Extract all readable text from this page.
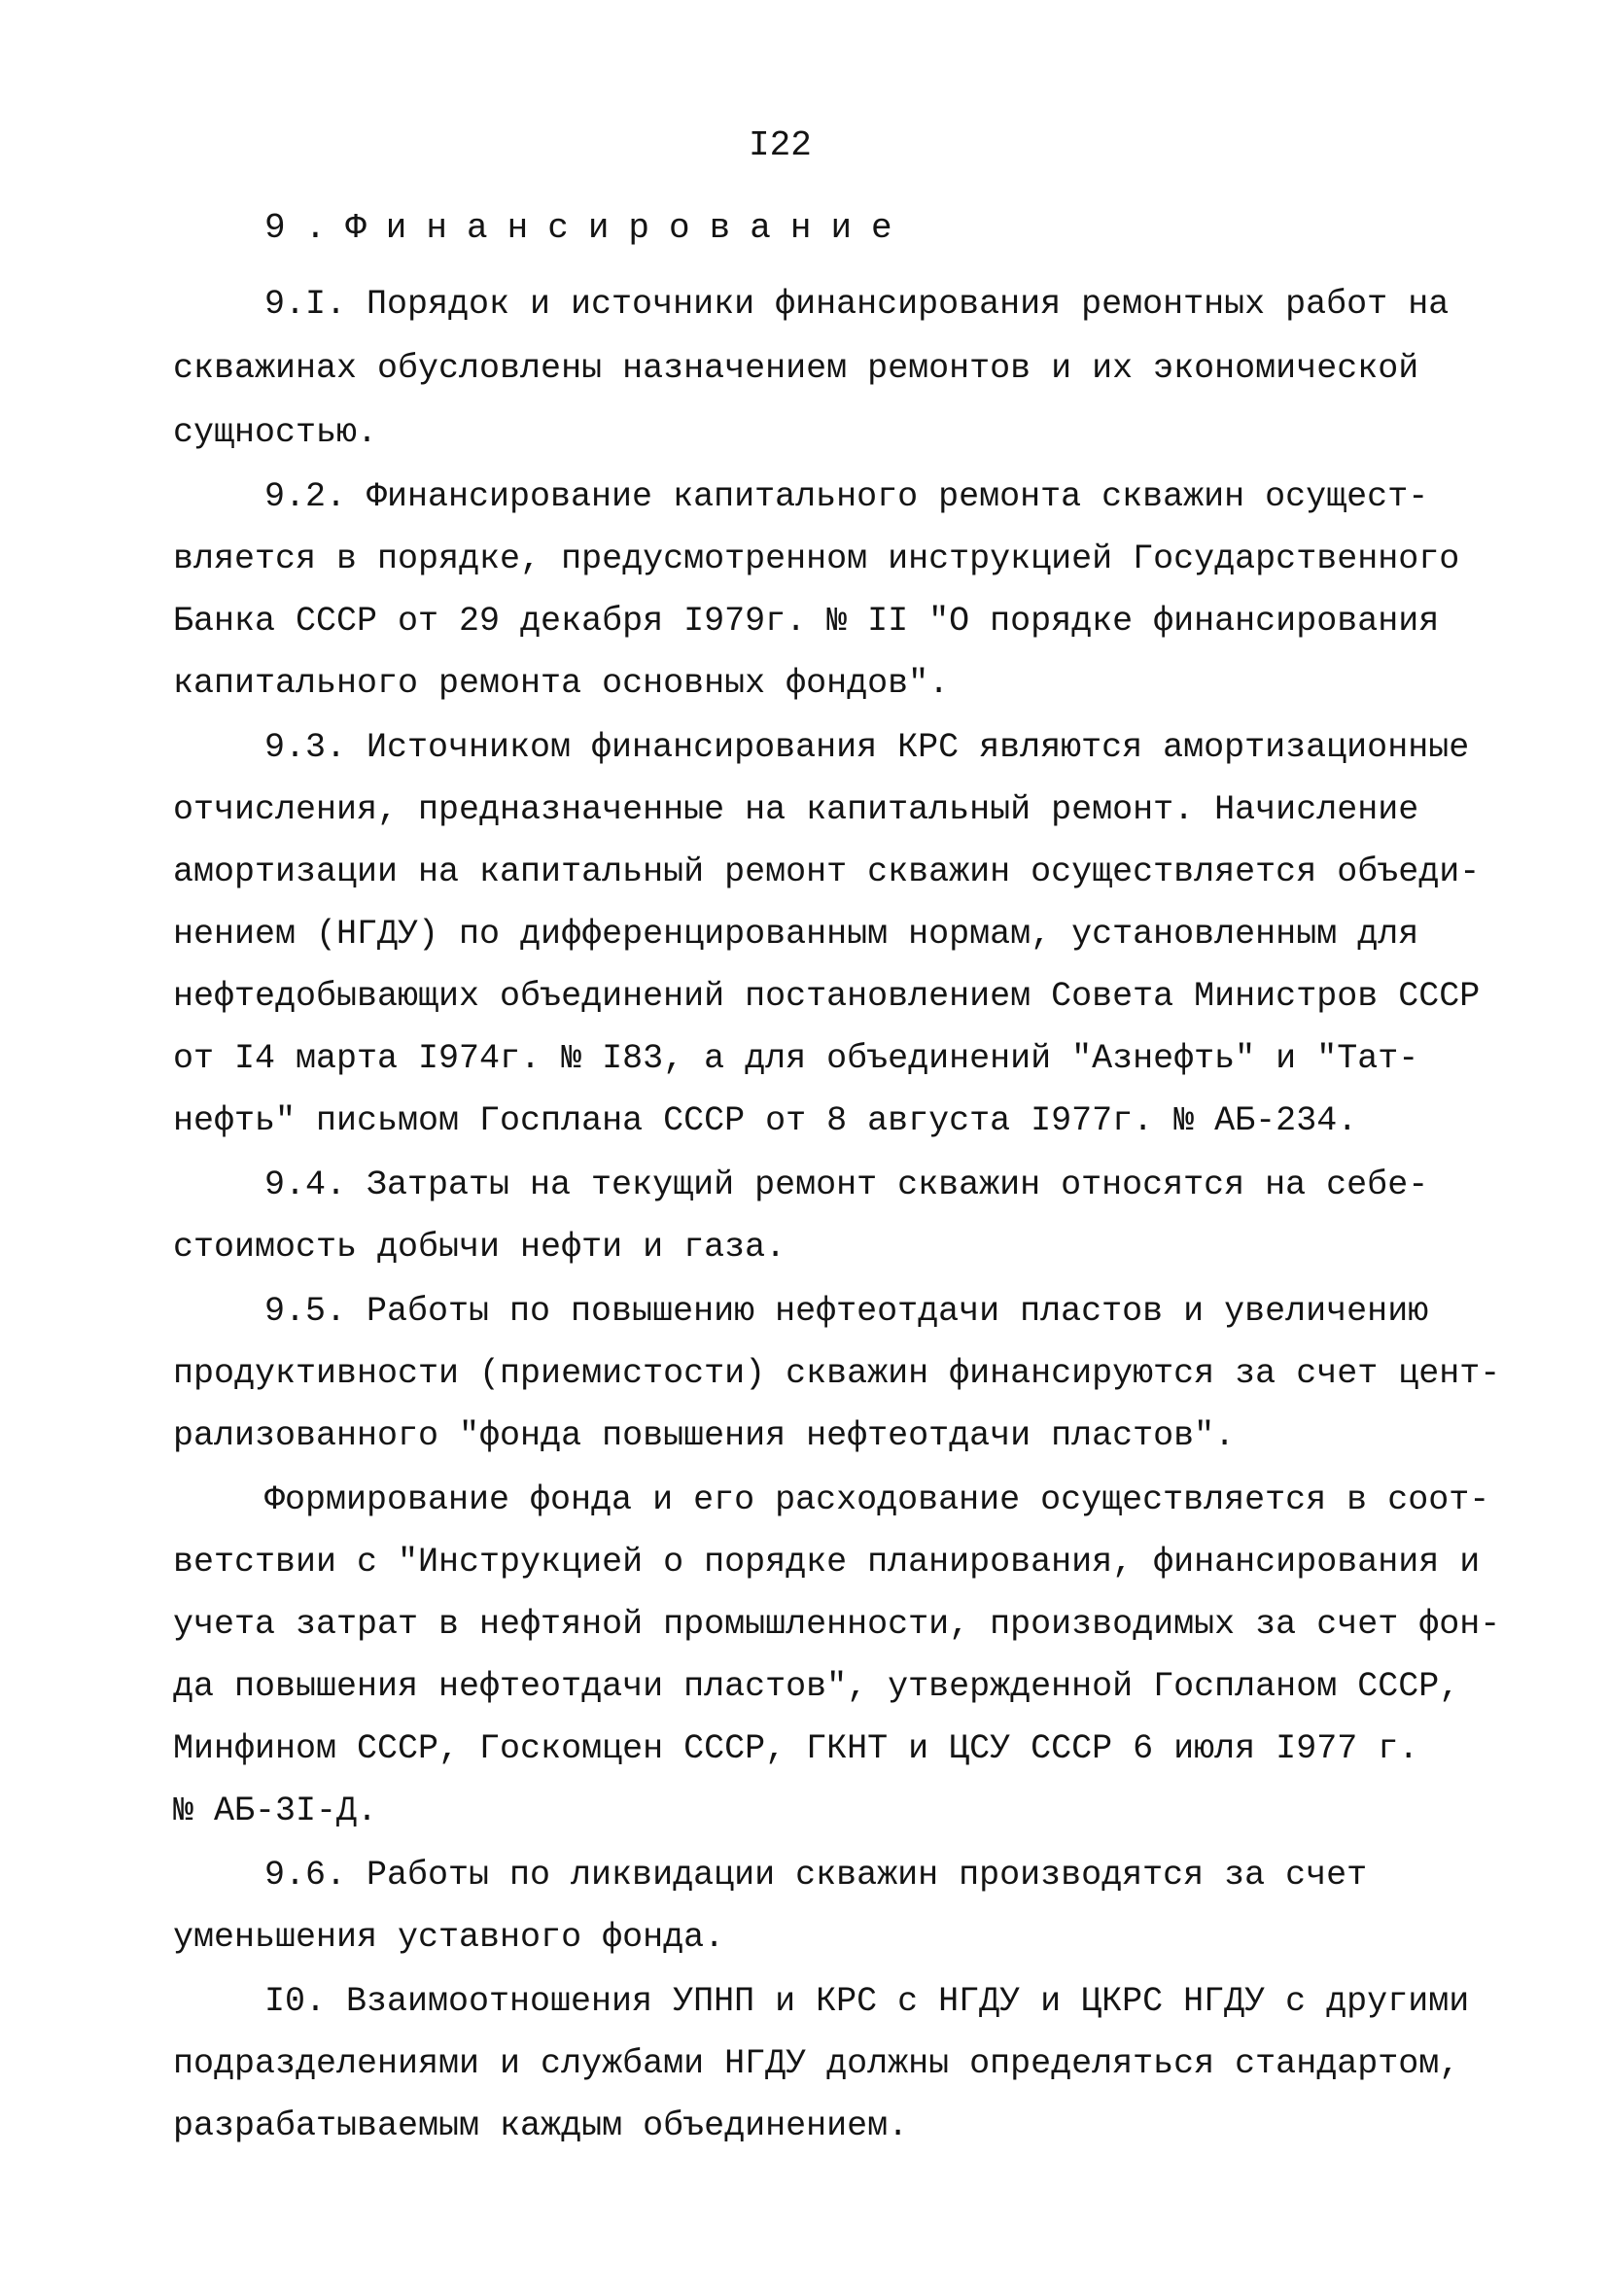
I22
9.Финансирование
9.I. Порядок и источники финансирования ремонтных работ на
скважинах обусловлены назначением ремонтов и их экономической
сущностью.
9.2. Финансирование капитального ремонта скважин осущест-
вляется в порядке, предусмотренном инструкцией Государственного
Банка СССР от 29 декабря I979г. № II "О порядке финансирования
капитального ремонта основных фондов".
9.3. Источником финансирования КРС являются амортизационные
отчисления, предназначенные на капитальный ремонт. Начисление
амортизации на капитальный ремонт скважин осуществляется объеди-
нением (НГДУ) по дифференцированным нормам, установленным для
нефтедобывающих объединений постановлением Совета Министров СССР
от I4 марта I974г. № I83, а для объединений "Азнефть" и "Тат-
нефть" письмом Госплана СССР от 8 августа I977г. № АБ-234.
9.4. Затраты на текущий ремонт скважин относятся на себе-
стоимость добычи нефти и газа.
9.5. Работы по повышению нефтеотдачи пластов и увеличению
продуктивности (приемистости) скважин финансируются за счет цент-
рализованного "фонда повышения нефтеотдачи пластов".
Формирование фонда и его расходование осуществляется в соот-
ветствии с "Инструкцией о порядке планирования, финансирования и
учета затрат в нефтяной промышленности, производимых за счет фон-
да повышения нефтеотдачи пластов", утвержденной Госпланом СССР,
Минфином СССР, Госкомцен СССР, ГКНТ и ЦСУ СССР 6 июля I977 г.
№ АБ-3I-Д.
9.6. Работы по ликвидации скважин производятся за счет
уменьшения уставного фонда.
I0. Взаимоотношения УПНП и КРС с НГДУ и ЦКРС НГДУ с другими
подразделениями и службами НГДУ должны определяться стандартом,
разрабатываемым каждым объединением.
